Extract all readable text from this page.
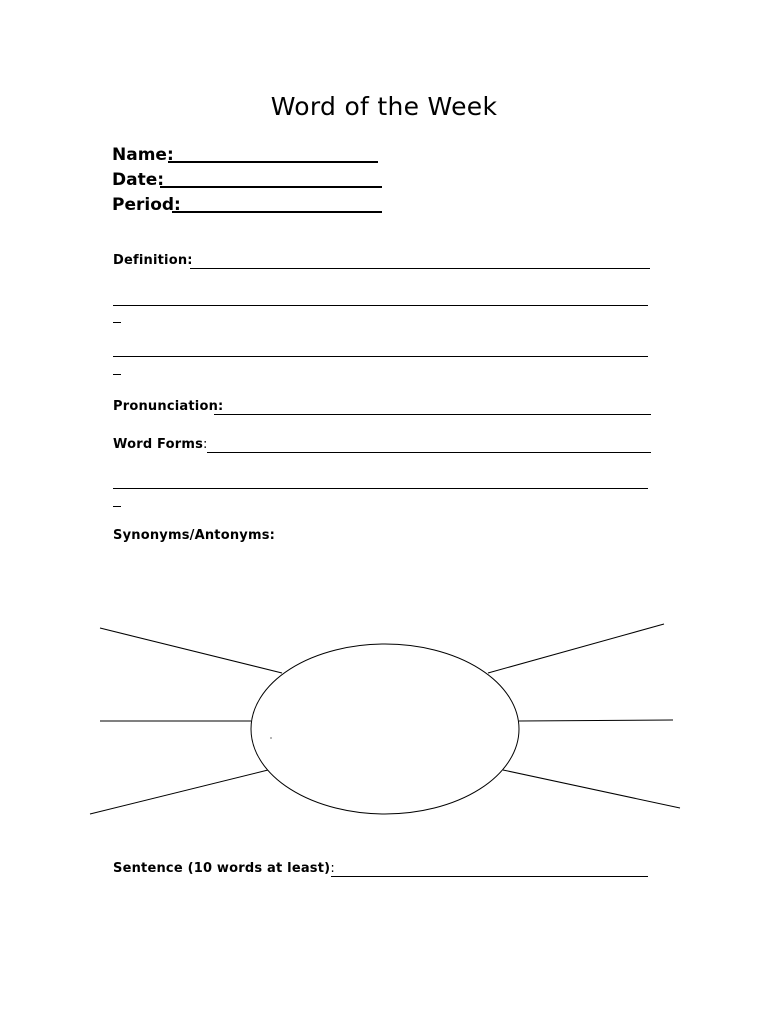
Word of the Week
Name:
Date:
Period:
Definition:
Pronunciation:
Word Forms:
Synonyms/Antonyms:
Sentence (10 words at least):
